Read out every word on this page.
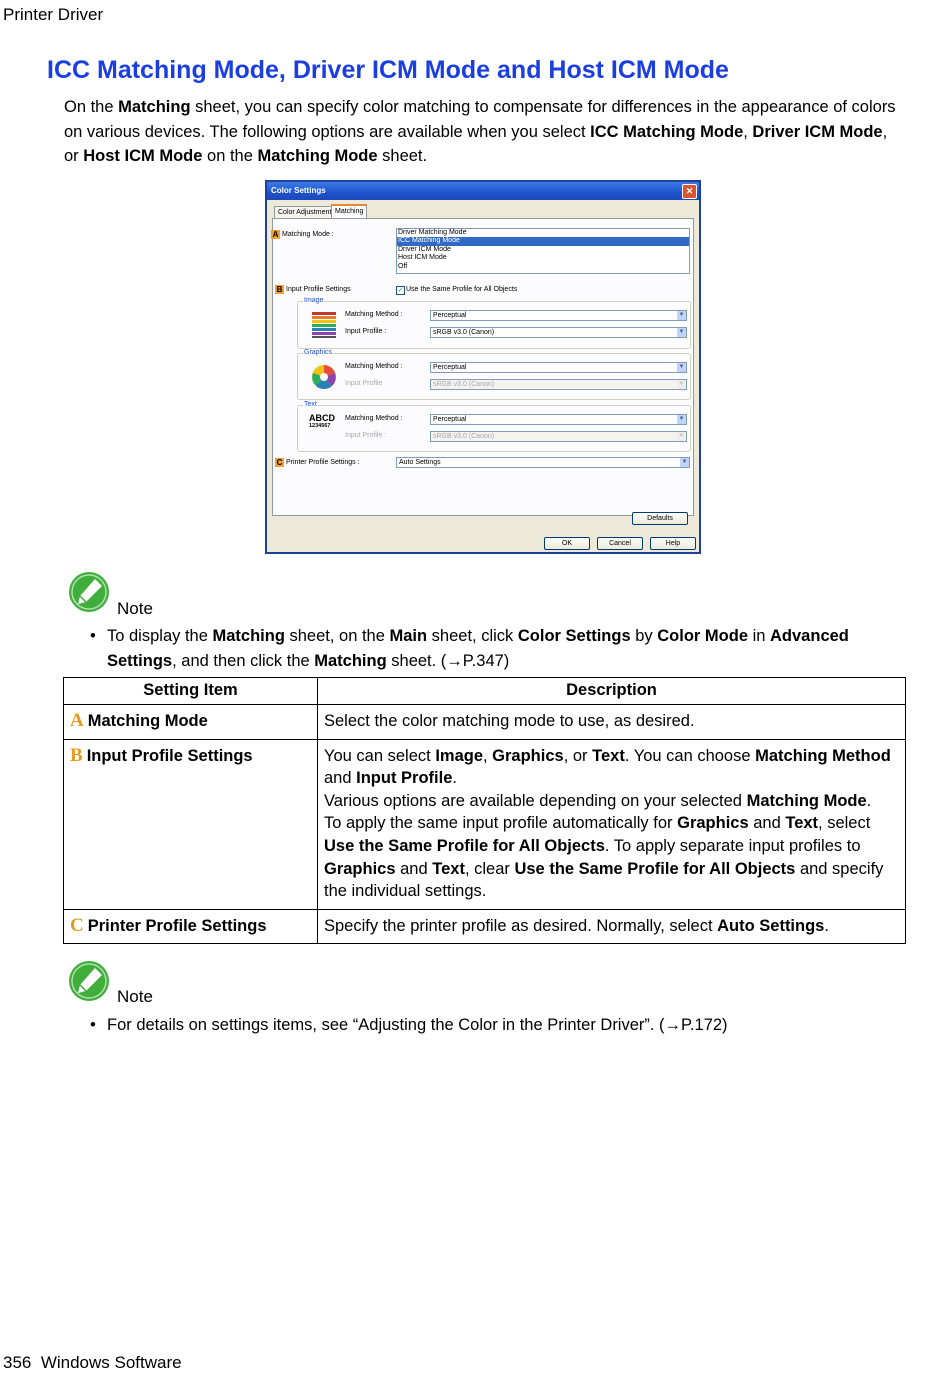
Printer Driver
ICC Matching Mode, Driver ICM Mode and Host ICM Mode
On the Matching sheet, you can specify color matching to compensate for differences in the appearance of colors on various devices. The following options are available when you select ICC Matching Mode, Driver ICM Mode, or Host ICM Mode on the Matching Mode sheet.
Color Settings	✕
Color Adjustment Matching
A Matching Mode :	Driver Matching Mode
ICC Matching Mode
Driver ICM Mode
Host ICM Mode
Off
B Input Profile Settings	✓ Use the Same Profile for All Objects
Image
Matching Method :	Perceptual	▼
Input Profile :	sRGB v3.0 (Canon)	▼
Graphics
Matching Method :	Perceptual	▼
Input Profile	sRGB v3.0 (Canon)	▼
Text
ABCD
1234567
Matching Method :	Perceptual	▼
Input Profile :	sRGB v3.0 (Canon)	▼
C Printer Profile Settings :	Auto Settings	▼
Defaults
OK	Cancel	Help
Note
• To display the Matching sheet, on the Main sheet, click Color Settings by Color Mode in Advanced Settings, and then click the Matching sheet. (→P.347)
Setting Item	Description
A Matching Mode	Select the color matching mode to use, as desired.
B Input Profile Settings	You can select Image, Graphics, or Text. You can choose Matching Method and Input Profile.
Various options are available depending on your selected Matching Mode.
To apply the same input profile automatically for Graphics and Text, select Use the Same Profile for All Objects. To apply separate input profiles to Graphics and Text, clear Use the Same Profile for All Objects and specify the individual settings.
C Printer Profile Settings	Specify the printer profile as desired. Normally, select Auto Settings.
Note
• For details on settings items, see “Adjusting the Color in the Printer Driver”. (→P.172)
356 Windows Software
